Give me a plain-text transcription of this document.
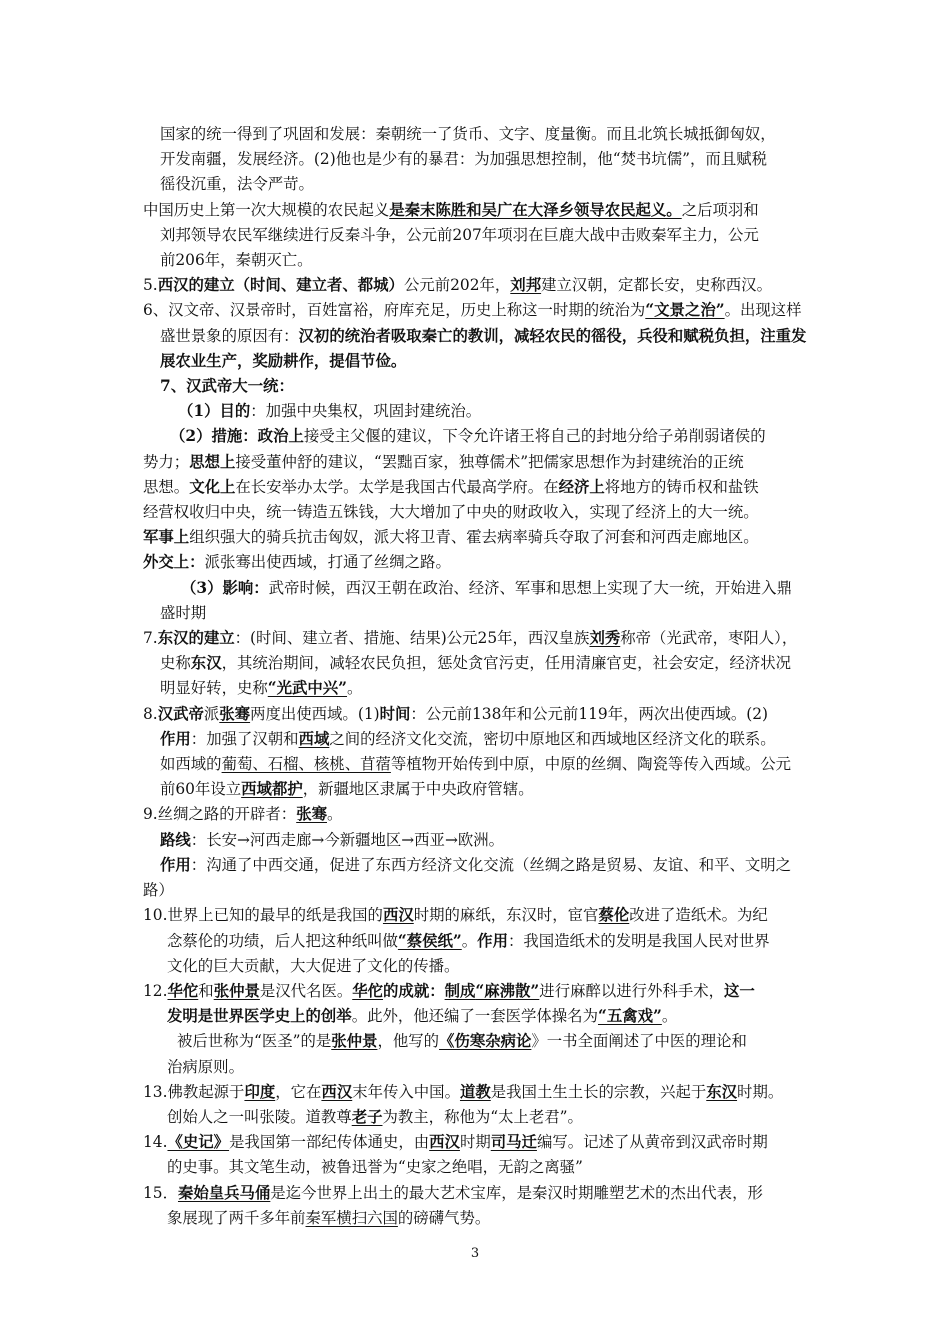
国家的统一得到了巩固和发展：秦朝统一了货币、文字、度量衡。而且北筑长城抵御匈奴，
开发南疆，发展经济。(2)他也是少有的暴君：为加强思想控制，他“焚书坑儒”，而且赋税
徭役沉重，法令严苛。

中国历史上第一次大规模的农民起义是秦末陈胜和吴广在大泽乡领导农民起义。之后项羽和
刘邦领导农民军继续进行反秦斗争，公元前207年项羽在巨鹿大战中击败秦军主力，公元
前206年，秦朝灭亡。

5.西汉的建立（时间、建立者、都城）公元前202年，刘邦建立汉朝，定都长安，史称西汉。

6、汉文帝、汉景帝时，百姓富裕，府库充足，历史上称这一时期的统治为“文景之治”。出现这样盛世景象的原因有：汉初的统治者吸取秦亡的教训，减轻农民的徭役，兵役和赋税负担，注重发展农业生产，奖励耕作，提倡节俭。

7、汉武帝大一统：

（1）目的：加强中央集权，巩固封建统治。

（2）措施：政治上接受主父偃的建议，下令允许诸王将自己的封地分给子弟削弱诸侯的
势力；思想上接受董仲舒的建议，“罢黜百家，独尊儒术”把儒家思想作为封建统治的正统
思想。文化上在长安举办太学。太学是我国古代最高学府。在经济上将地方的铸币权和盐铁
经营权收归中央，统一铸造五铢钱，大大增加了中央的财政收入，实现了经济上的大一统。
军事上组织强大的骑兵抗击匈奴，派大将卫青、霍去病率骑兵夺取了河套和河西走廊地区。
外交上：派张骞出使西域，打通了丝绸之路。

（3）影响：武帝时候，西汉王朝在政治、经济、军事和思想上实现了大一统，开始进入鼎
盛时期

7.东汉的建立：(时间、建立者、措施、结果)公元25年，西汉皇族刘秀称帝（光武帝，枣阳人），
史称东汉，其统治期间，减轻农民负担，惩处贪官污吏，任用清廉官吏，社会安定，经济状况
明显好转，史称“光武中兴”。

8.汉武帝派张骞两度出使西域。(1)时间：公元前138年和公元前119年，两次出使西域。(2)
作用：加强了汉朝和西域之间的经济文化交流，密切中原地区和西域地区经济文化的联系。
如西域的葡萄、石榴、核桃、苜蓿等植物开始传到中原，中原的丝绸、陶瓷等传入西域。公元
前60年设立西域都护，新疆地区隶属于中央政府管辖。

9.丝绸之路的开辟者：张骞。
路线：长安→河西走廊→今新疆地区→西亚→欧洲。
作用：沟通了中西交通，促进了东西方经济文化交流（丝绸之路是贸易、友谊、和平、文明之
路）

10.世界上已知的最早的纸是我国的西汉时期的麻纸，东汉时，宦官蔡伦改进了造纸术。为纪
念蔡伦的功绩，后人把这种纸叫做“蔡侯纸”。作用：我国造纸术的发明是我国人民对世界
文化的巨大贡献，大大促进了文化的传播。

12.华佗和张仲景是汉代名医。华佗的成就：制成“麻沸散”进行麻醉以进行外科手术，这一
发明是世界医学史上的创举。此外，他还编了一套医学体操名为“五禽戏”。

被后世称为“医圣”的是张仲景，他写的《伤寒杂病论》一书全面阐述了中医的理论和

治病原则。

13.佛教起源于印度，它在西汉末年传入中国。道教是我国土生土长的宗教，兴起于东汉时期。
创始人之一叫张陵。道教尊老子为教主，称他为“太上老君”。

14.《史记》是我国第一部纪传体通史，由西汉时期司马迁编写。记述了从黄帝到汉武帝时期
的史事。其文笔生动，被鲁迅誉为“史家之绝唱，无韵之离骚”

15．秦始皇兵马俑是迄今世界上出土的最大艺术宝库，是秦汉时期雕塑艺术的杰出代表，形
象展现了两千多年前秦军横扫六国的磅礴气势。

3
